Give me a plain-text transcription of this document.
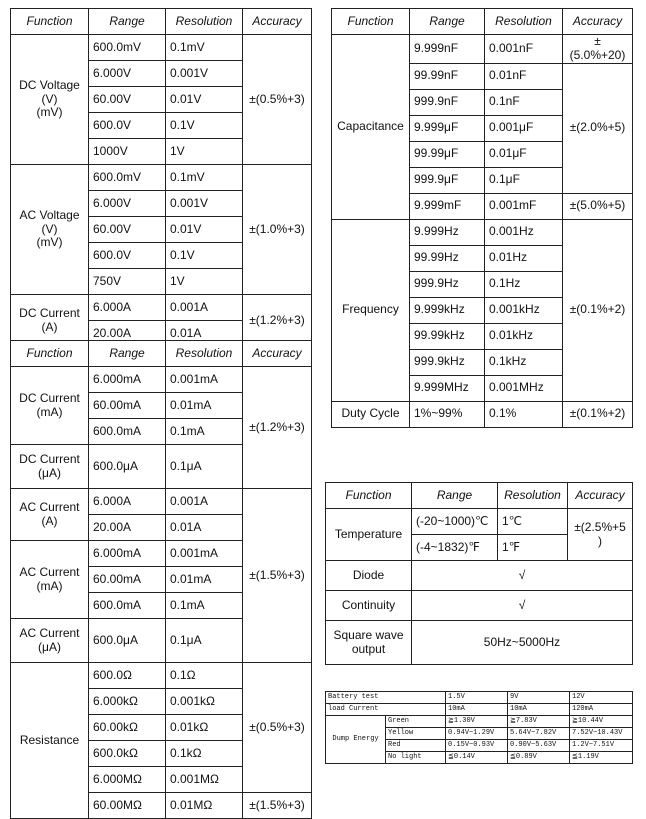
Function	Range	Resolution	Accuracy
DC Voltage
(V)
(mV)	600.0mV	0.1mV	±(0.5%+3)
	6.000V	0.001V	
	60.00V	0.01V	
	600.0V	0.1V	
	1000V	1V	
AC Voltage
(V)
(mV)	600.0mV	0.1mV	±(1.0%+3)
	6.000V	0.001V	
	60.00V	0.01V	
	600.0V	0.1V	
	750V	1V	
DC Current
(A)	6.000A	0.001A	±(1.2%+3)
	20.00A	0.01A	
Function	Range	Resolution	Accuracy
DC Current
(mA)	6.000mA	0.001mA	±(1.2%+3)
	60.00mA	0.01mA	
	600.0mA	0.1mA	
DC Current
(μA)	600.0μA	0.1μA	
AC Current
(A)	6.000A	0.001A	±(1.5%+3)
	20.00A	0.01A	
AC Current
(mA)	6.000mA	0.001mA	
	60.00mA	0.01mA	
	600.0mA	0.1mA	
AC Current
(μA)	600.0μA	0.1μA	
Resistance	600.0Ω	0.1Ω	±(0.5%+3)
	6.000kΩ	0.001kΩ	
	60.00kΩ	0.01kΩ	
	600.0kΩ	0.1kΩ	
	6.000MΩ	0.001MΩ	
	60.00MΩ	0.01MΩ	±(1.5%+3)
Function	Range	Resolution	Accuracy
Capacitance	9.999nF	0.001nF	±(5.0%+20)
	99.99nF	0.01nF	±(2.0%+5)
	999.9nF	0.1nF	
	9.999μF	0.001μF	
	99.99μF	0.01μF	
	999.9μF	0.1μF	
	9.999mF	0.001mF	±(5.0%+5)
Frequency	9.999Hz	0.001Hz	±(0.1%+2)
	99.99Hz	0.01Hz	
	999.9Hz	0.1Hz	
	9.999kHz	0.001kHz	
	99.99kHz	0.01kHz	
	999.9kHz	0.1kHz	
	9.999MHz	0.001MHz	
Duty Cycle	1%~99%	0.1%	±(0.1%+2)
Function	Range	Resolution	Accuracy
Temperature	(-20~1000)℃	1℃	±(2.5%+5 )
	(-4~1832)℉	1℉	
Diode	√		
Continuity	√		
Square wave
output	50Hz~5000Hz		
Battery test		1.5V	9V	12V
load Current		10mA	10mA	120mA
Dump Energy	Green	≧1.30V	≧7.83V	≧10.44V
	Yellow	0.94V~1.29V	5.64V~7.82V	7.52V~10.43V
	Red	0.15V~0.93V	0.90V~5.63V	1.2V~7.51V
	No light	≦0.14V	≦0.89V	≦1.19V
